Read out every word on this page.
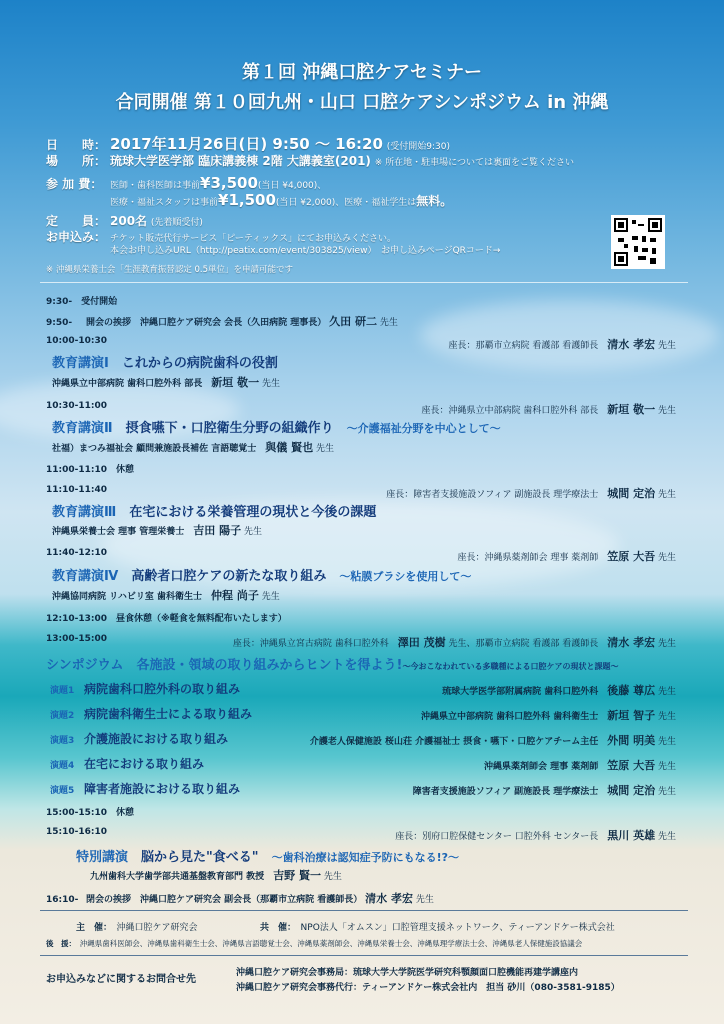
第１回 沖縄口腔ケアセミナー
合同開催 第１０回九州・山口 口腔ケアシンポジウム in 沖縄
日　　時： 2017年11月26日(日) 9:50 ～ 16:20 (受付開始9:30)
場　　所： 琉球大学医学部 臨床講義棟 2階 大講義室(201) ※ 所在地・駐車場については裏面をご覧ください
参 加 費： 医師・歯科医師は事前¥3,500(当日 ¥4,000)、
医療・福祉スタッフは事前¥1,500(当日 ¥2,000)、医療・福祉学生は無料。
定　　員： 200名 (先着順受付)
お申込み： チケット販売代行サービス「ピーティックス」にてお申込みください。
本会お申し込みURL（http://peatix.com/event/303825/view）　お申し込みページQRコード→
※ 沖縄県栄養士会「生涯教育振替認定 0.5単位」を申請可能です
9:30-　受付開始
9:50- 開会の挨拶　沖縄口腔ケア研究会 会長（久田病院 理事長） 久田 研二 先生
10:00-10:30	座長：那覇市立病院 看護部 看護師長　 清水 孝宏 先生
教育講演Ⅰ　 これからの病院歯科の役割
沖縄県立中部病院 歯科口腔外科 部長　 新垣 敬一 先生
10:30-11:00	座長：沖縄県立中部病院 歯科口腔外科 部長　 新垣 敬一 先生
教育講演Ⅱ　 摂食嚥下・口腔衛生分野の組織作り　 ～介護福祉分野を中心として～
社福）まつみ福祉会 顧問兼施設長補佐 言語聴覚士　 與儀 賢也 先生
11:00-11:10　休憩
11:10-11:40	座長：障害者支援施設ソフィア 副施設長 理学療法士　 城間 定治 先生
教育講演Ⅲ　 在宅における栄養管理の現状と今後の課題
沖縄県栄養士会 理事 管理栄養士　 吉田 陽子 先生
11:40-12:10	座長：沖縄県薬剤師会 理事 薬剤師　 笠原 大吾 先生
教育講演Ⅳ　 高齢者口腔ケアの新たな取り組み　 ～粘膜ブラシを使用して～
沖縄協同病院 リハビリ室 歯科衛生士　 仲程 尚子 先生
12:10-13:00　昼食休憩（※軽食を無料配布いたします）
13:00-15:00	座長：沖縄県立宮古病院 歯科口腔外科　 澤田 茂樹 先生、那覇市立病院 看護部 看護師長　 清水 孝宏 先生
シンポジウム　各施設・領域の取り組みからヒントを得よう!～今おこなわれている多職種による口腔ケアの現状と課題～
演題1 病院歯科口腔外科の取り組み	琉球大学医学部附属病院 歯科口腔外科　 後藤 尊広 先生
演題2 病院歯科衛生士による取り組み	沖縄県立中部病院 歯科口腔外科 歯科衛生士　 新垣 智子 先生
演題3 介護施設における取り組み	介護老人保健施設 桜山荘 介護福祉士 摂食・嚥下・口腔ケアチーム主任　 外間 明美 先生
演題4 在宅における取り組み	沖縄県薬剤師会 理事 薬剤師　 笠原 大吾 先生
演題5 障害者施設における取り組み	障害者支援施設ソフィア 副施設長 理学療法士　 城間 定治 先生
15:00-15:10　休憩
15:10-16:10	座長：別府口腔保健センター 口腔外科 センター長　 黒川 英雄 先生
特別講演　 脳から見た"食べる"　 ～歯科治療は認知症予防にもなる!?～
九州歯科大学歯学部共通基盤教育部門 教授　 吉野 賢一 先生
16:10- 閉会の挨拶　沖縄口腔ケア研究会 副会長（那覇市立病院 看護師長） 清水 孝宏 先生
主　催：　 沖縄口腔ケア研究会	共　催：　 NPO法人「オムスン」口腔管理支援ネットワーク、ティーアンドケー株式会社
後　援：　 沖縄県歯科医師会、沖縄県歯科衛生士会、沖縄県言語聴覚士会、沖縄県薬剤師会、沖縄県栄養士会、沖縄県理学療法士会、沖縄県老人保健施設協議会
お申込みなどに関するお問合せ先
沖縄口腔ケア研究会事務局：琉球大学大学院医学研究科顎顔面口腔機能再建学講座内
沖縄口腔ケア研究会事務代行：ティーアンドケー株式会社内　担当 砂川（080-3581-9185）
